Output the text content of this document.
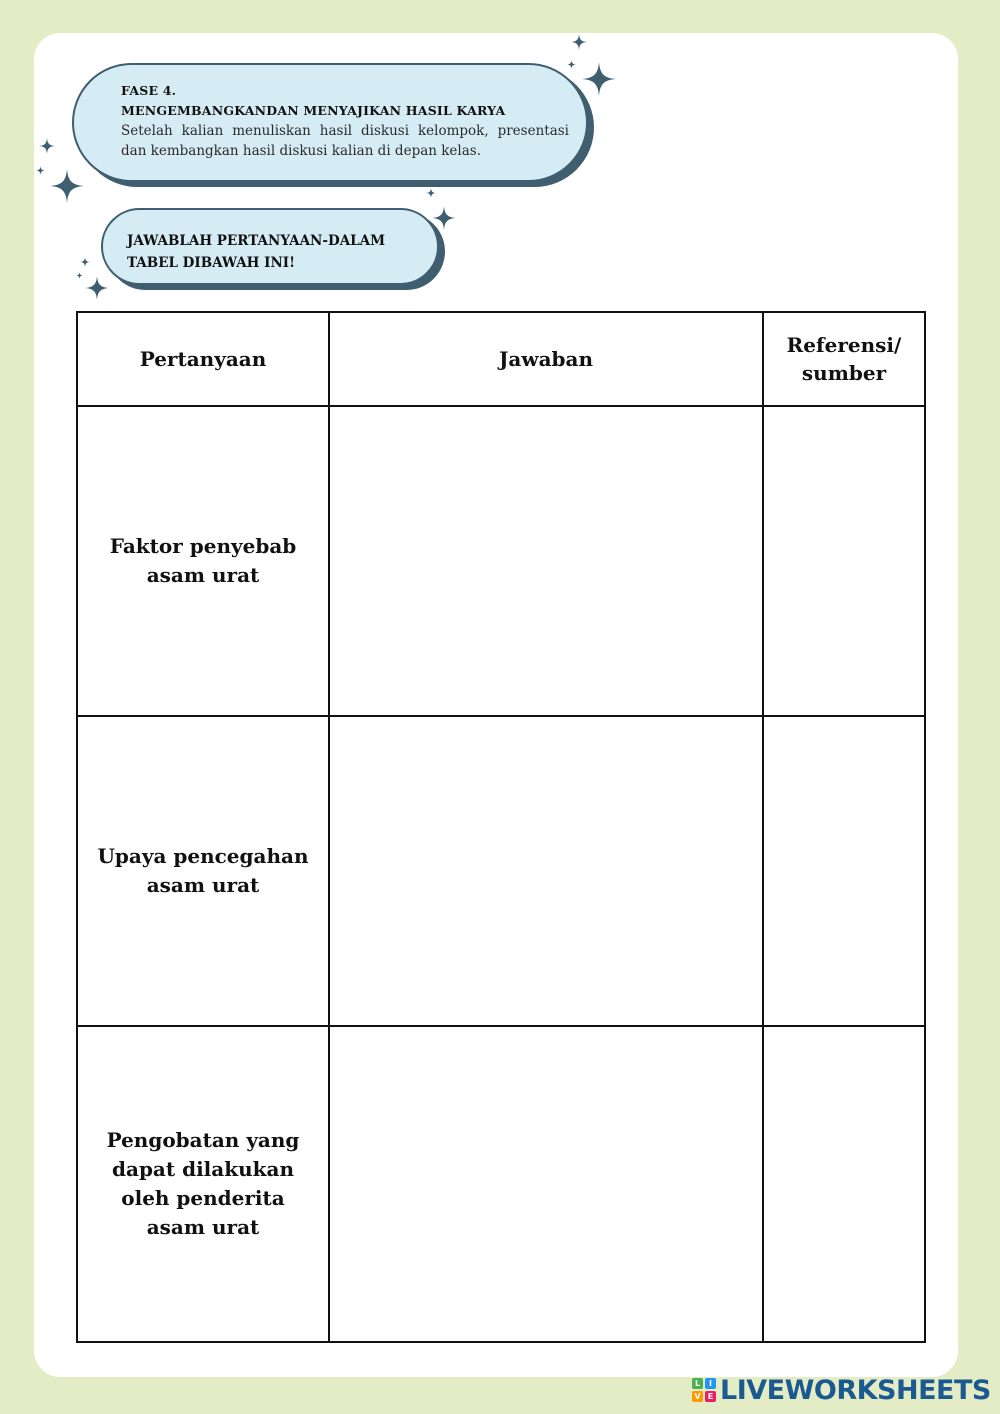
FASE 4.
MENGEMBANGKANDAN MENYAJIKAN HASIL KARYA
Setelah kalian menuliskan hasil diskusi kelompok, presentasi dan kembangkan hasil diskusi kalian di depan kelas.
JAWABLAH PERTANYAAN-DALAM
TABEL DIBAWAH INI!
Pertanyaan	Jawaban	Referensi/ sumber
Faktor penyebab asam urat		
Upaya pencegahan asam urat		
Pengobatan yang dapat dilakukan oleh penderita asam urat		
L	I
V E LIVEWORKSHEETS
